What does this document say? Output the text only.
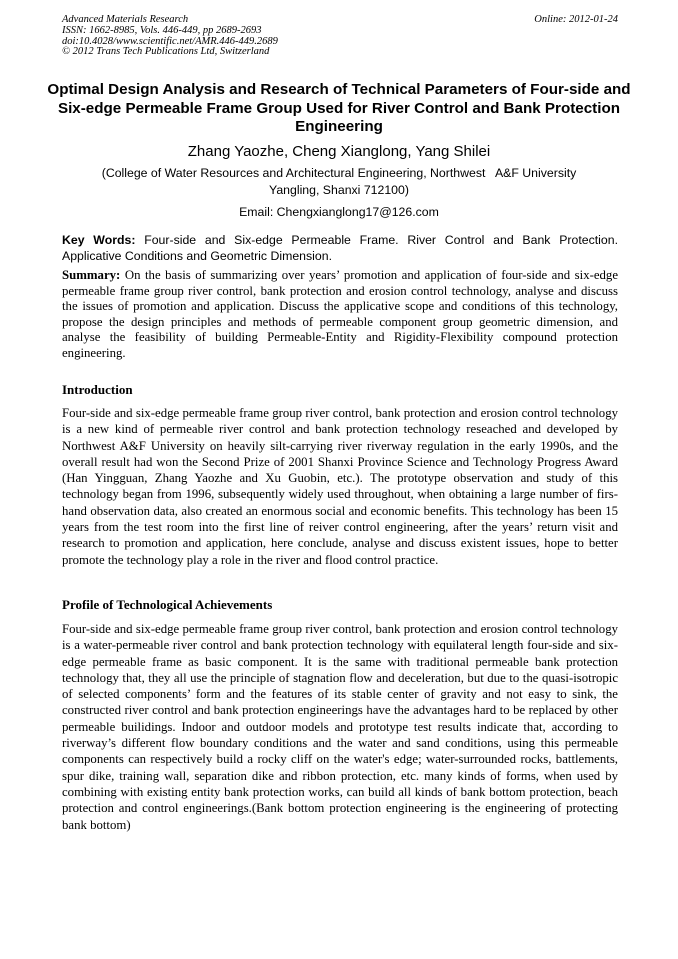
Advanced Materials Research
ISSN: 1662-8985, Vols. 446-449, pp 2689-2693
doi:10.4028/www.scientific.net/AMR.446-449.2689
© 2012 Trans Tech Publications Ltd, Switzerland
Online: 2012-01-24
Optimal Design Analysis and Research of Technical Parameters of Four-side and Six-edge Permeable Frame Group Used for River Control and Bank Protection Engineering
Zhang Yaozhe, Cheng Xianglong, Yang Shilei
(College of Water Resources and Architectural Engineering, Northwest   A&F University
Yangling, Shanxi 712100)
Email: Chengxianglong17@126.com
Key Words: Four-side and Six-edge Permeable Frame. River Control and Bank Protection. Applicative Conditions and Geometric Dimension.
Summary: On the basis of summarizing over years’ promotion and application of four-side and six-edge permeable frame group river control, bank protection and erosion control technology, analyse and discuss the issues of promotion and application. Discuss the applicative scope and conditions of this technology, propose the design principles and methods of permeable component group geometric dimension, and analyse the feasibility of building Permeable-Entity and Rigidity-Flexibility compound protection engineering.
Introduction
Four-side and six-edge permeable frame group river control, bank protection and erosion control technology is a new kind of permeable river control and bank protection technology reseached and developed by Northwest A&F University on heavily silt-carrying river riverway regulation in the early 1990s, and the overall result had won the Second Prize of 2001 Shanxi Province Science and Technology Progress Award (Han Yingguan, Zhang Yaozhe and Xu Guobin, etc.). The prototype observation and study of this technology began from 1996, subsequently widely used throughout, when obtaining a large number of firs-hand observation data, also created an enormous social and economic benefits. This technology has been 15 years from the test room into the first line of reiver control engineering, after the years’ return visit and research to promotion and application, here conclude, analyse and discuss existent issues, hope to better promote the technology play a role in the river and flood control practice.
Profile of Technological Achievements
Four-side and six-edge permeable frame group river control, bank protection and erosion control technology is a water-permeable river control and bank protection technology with equilateral length four-side and six-edge permeable frame as basic component. It is the same with traditional permeable bank protection technology that, they all use the principle of stagnation flow and deceleration, but due to the quasi-isotropic of selected components’ form and the features of its stable center of gravity and not easy to sink, the constructed river control and bank protection engineerings have the advantages hard to be replaced by other permeable builidings. Indoor and outdoor models and prototype test results indicate that, according to riverway’s different flow boundary conditions and the water and sand conditions, using this permeable components can respectively build a rocky cliff on the water's edge; water-surrounded rocks, battlements, spur dike, training wall, separation dike and ribbon protection, etc. many kinds of forms, when used by combining with existing entity bank protection works, can build all kinds of bank bottom protection, beach protection and control engineerings.(Bank bottom protection engineering is the engineering of protecting bank bottom)
